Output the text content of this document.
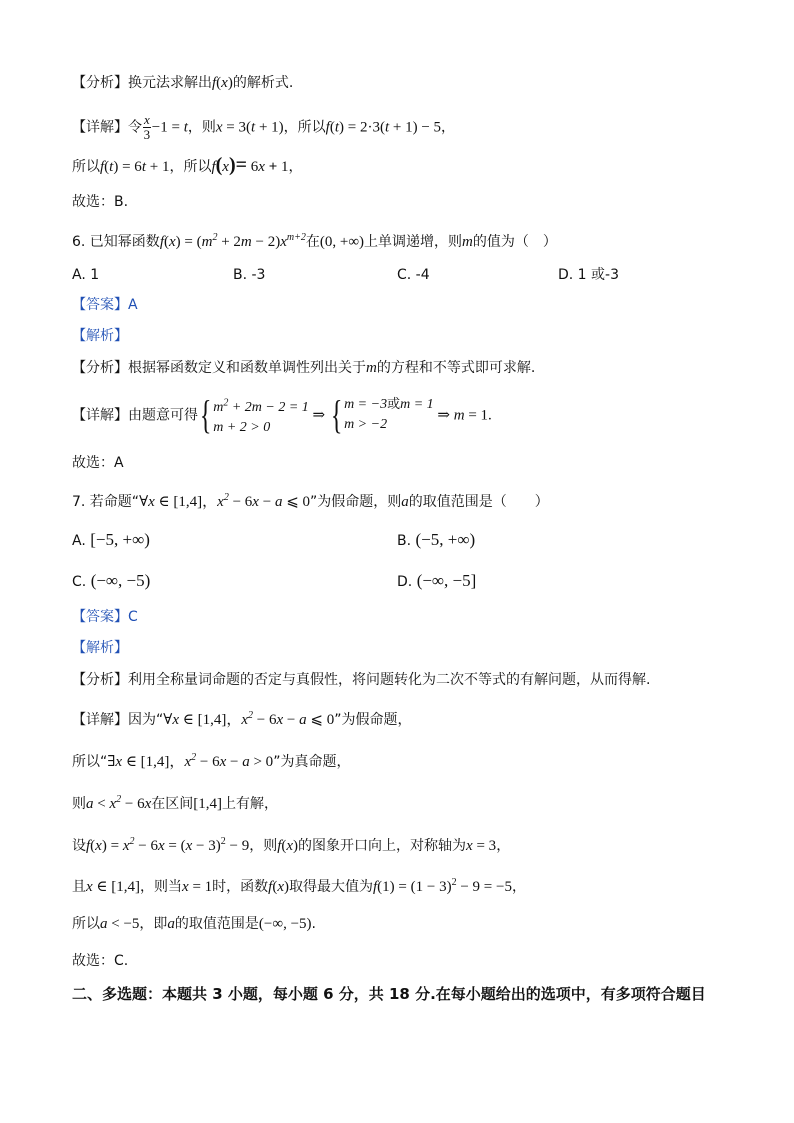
【分析】换元法求解出f(x)的解析式.
【详解】令 $\frac{x}{3} -1 = t$，则x = 3(t + 1)，所以f(t) = 2·3(t + 1) − 5，
所以f(t) = 6t + 1，所以f(x)= 6x + 1，
故选：B.
6. 已知幂函数$f(x) = (m^2 + 2m - 2)x^{m+2}$在(0, +∞)上单调递增，则m的值为（　）
A. 1	B. -3	C. -4	D. 1 或-3
【答案】A
【解析】
【分析】根据幂函数定义和函数单调性列出关于m的方程和不等式即可求解.
【详解】由题意可得{ $m^2 + 2m - 2 = 1$
m + 2 > 0 ⇒ { m = −3或m = 1
m > −2 ⇒ m = 1.
故选：A
7. 若命题“∀x ∈ [1,4]，$x^2 - 6x - a$ ⩽ 0”为假命题，则a的取值范围是（　　）
A. [−5, +∞)	B. (−5, +∞)
C. (−∞, −5)	D. (−∞, −5]
【答案】C
【解析】
【分析】利用全称量词命题的否定与真假性，将问题转化为二次不等式的有解问题，从而得解.
【详解】因为“∀x ∈ [1,4]，$x^2 - 6x - a$ ⩽ 0”为假命题，
所以“∃x ∈ [1,4]，$x^2 - 6x - a > 0$”为真命题，
则$a < x^2 - 6x$在区间[1,4]上有解，
设$f(x) = x^2 - 6x = (x - 3)^2 - 9$，则f(x)的图象开口向上，对称轴为x = 3，
且x ∈ [1,4]，则当x = 1时，函数f(x)取得最大值为$f(1) = (1 - 3)^2 - 9 = -5$，
所以a < −5，即a的取值范围是(−∞, −5).
故选：C.
二、多选题：本题共 3 小题，每小题 6 分，共 18 分.在每小题给出的选项中，有多项符合题目
